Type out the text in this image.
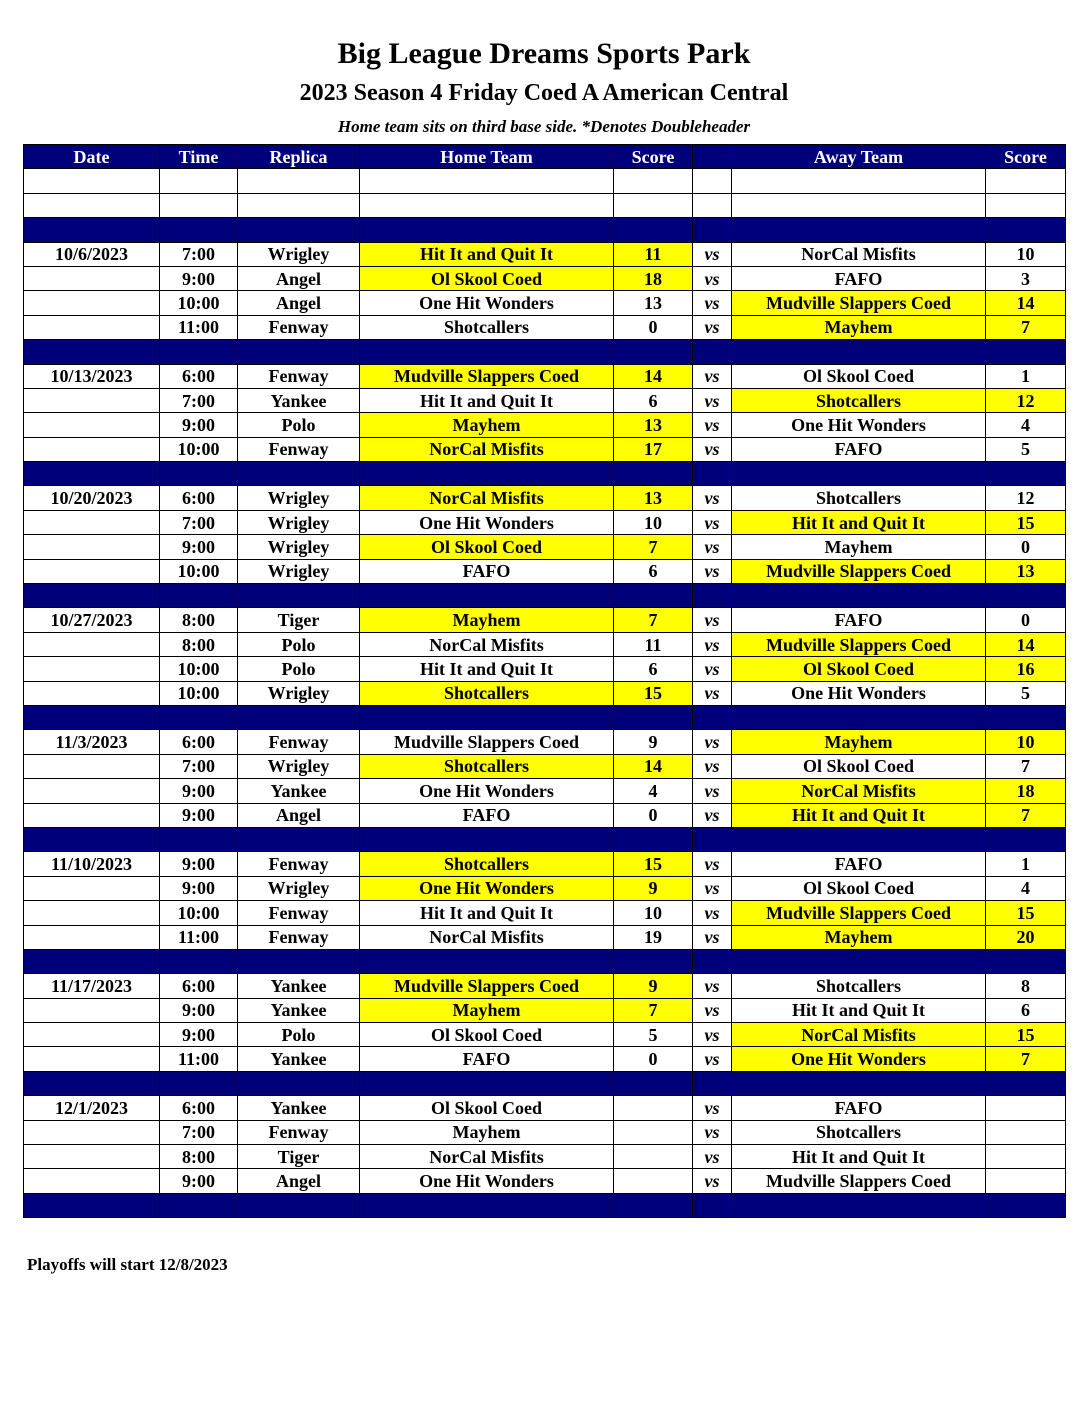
Big League Dreams Sports Park
2023 Season 4 Friday Coed A American Central
Home team sits on third base side. *Denotes Doubleheader
Date	Time	Replica	Home Team	Score		Away Team	Score

10/6/2023	7:00	Wrigley	Hit It and Quit It	11	vs	NorCal Misfits	10
	9:00	Angel	Ol Skool Coed	18	vs	FAFO	3
	10:00	Angel	One Hit Wonders	13	vs	Mudville Slappers Coed	14
	11:00	Fenway	Shotcallers	0	vs	Mayhem	7

10/13/2023	6:00	Fenway	Mudville Slappers Coed	14	vs	Ol Skool Coed	1
	7:00	Yankee	Hit It and Quit It	6	vs	Shotcallers	12
	9:00	Polo	Mayhem	13	vs	One Hit Wonders	4
	10:00	Fenway	NorCal Misfits	17	vs	FAFO	5

10/20/2023	6:00	Wrigley	NorCal Misfits	13	vs	Shotcallers	12
	7:00	Wrigley	One Hit Wonders	10	vs	Hit It and Quit It	15
	9:00	Wrigley	Ol Skool Coed	7	vs	Mayhem	0
	10:00	Wrigley	FAFO	6	vs	Mudville Slappers Coed	13

10/27/2023	8:00	Tiger	Mayhem	7	vs	FAFO	0
	8:00	Polo	NorCal Misfits	11	vs	Mudville Slappers Coed	14
	10:00	Polo	Hit It and Quit It	6	vs	Ol Skool Coed	16
	10:00	Wrigley	Shotcallers	15	vs	One Hit Wonders	5

11/3/2023	6:00	Fenway	Mudville Slappers Coed	9	vs	Mayhem	10
	7:00	Wrigley	Shotcallers	14	vs	Ol Skool Coed	7
	9:00	Yankee	One Hit Wonders	4	vs	NorCal Misfits	18
	9:00	Angel	FAFO	0	vs	Hit It and Quit It	7

11/10/2023	9:00	Fenway	Shotcallers	15	vs	FAFO	1
	9:00	Wrigley	One Hit Wonders	9	vs	Ol Skool Coed	4
	10:00	Fenway	Hit It and Quit It	10	vs	Mudville Slappers Coed	15
	11:00	Fenway	NorCal Misfits	19	vs	Mayhem	20

11/17/2023	6:00	Yankee	Mudville Slappers Coed	9	vs	Shotcallers	8
	9:00	Yankee	Mayhem	7	vs	Hit It and Quit It	6
	9:00	Polo	Ol Skool Coed	5	vs	NorCal Misfits	15
	11:00	Yankee	FAFO	0	vs	One Hit Wonders	7

12/1/2023	6:00	Yankee	Ol Skool Coed		vs	FAFO	
	7:00	Fenway	Mayhem		vs	Shotcallers	
	8:00	Tiger	NorCal Misfits		vs	Hit It and Quit It	
	9:00	Angel	One Hit Wonders		vs	Mudville Slappers Coed	

Playoffs will start 12/8/2023
